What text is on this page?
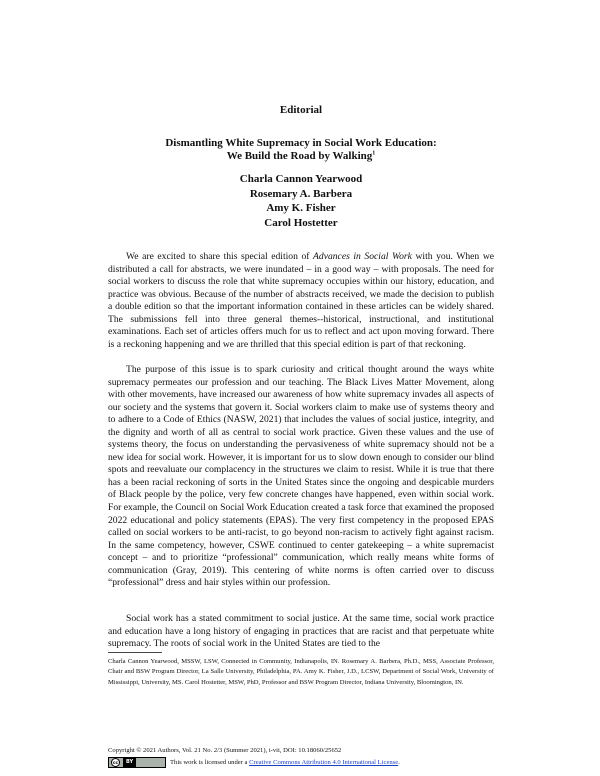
Editorial
Dismantling White Supremacy in Social Work Education:
We Build the Road by Walking$^1$
Charla Cannon Yearwood
Rosemary A. Barbera
Amy K. Fisher
Carol Hostetter

We are excited to share this special edition of Advances in Social Work with you. When we distributed a call for abstracts, we were inundated – in a good way – with proposals. The need for social workers to discuss the role that white supremacy occupies within our history, education, and practice was obvious. Because of the number of abstracts received, we made the decision to publish a double edition so that the important information contained in these articles can be widely shared. The submissions fell into three general themes--historical, instructional, and institutional examinations. Each set of articles offers much for us to reflect and act upon moving forward. There is a reckoning happening and we are thrilled that this special edition is part of that reckoning.

The purpose of this issue is to spark curiosity and critical thought around the ways white supremacy permeates our profession and our teaching. The Black Lives Matter Movement, along with other movements, have increased our awareness of how white supremacy invades all aspects of our society and the systems that govern it. Social workers claim to make use of systems theory and to adhere to a Code of Ethics (NASW, 2021) that includes the values of social justice, integrity, and the dignity and worth of all as central to social work practice. Given these values and the use of systems theory, the focus on understanding the pervasiveness of white supremacy should not be a new idea for social work. However, it is important for us to slow down enough to consider our blind spots and reevaluate our complacency in the structures we claim to resist. While it is true that there has a been racial reckoning of sorts in the United States since the ongoing and despicable murders of Black people by the police, very few concrete changes have happened, even within social work. For example, the Council on Social Work Education created a task force that examined the proposed 2022 educational and policy statements (EPAS). The very first competency in the proposed EPAS called on social workers to be anti-racist, to go beyond non-racism to actively fight against racism. In the same competency, however, CSWE continued to center gatekeeping – a white supremacist concept – and to prioritize “professional” communication, which really means white forms of communication (Gray, 2019). This centering of white norms is often carried over to discuss “professional” dress and hair styles within our profession.

Social work has a stated commitment to social justice. At the same time, social work practice and education have a long history of engaging in practices that are racist and that perpetuate white supremacy. The roots of social work in the United States are tied to the

Charla Cannon Yearwood, MSSW, LSW, Connected in Community, Indianapolis, IN. Rosemary A. Barbera, Ph.D., MSS, Associate Professor, Chair and BSW Program Director, La Salle University, Philadelphia, PA. Amy K. Fisher, J.D., LCSW, Department of Social Work, University of Mississippi, University, MS. Carol Hostetter, MSW, PhD, Professor and BSW Program Director, Indiana University, Bloomington, IN.
Copyright © 2021 Authors, Vol. 21 No. 2/3 (Summer 2021), i-vii, DOI: 10.18060/25652
cc	BY	This work is licensed under a Creative Commons Attribution 4.0 International License.
